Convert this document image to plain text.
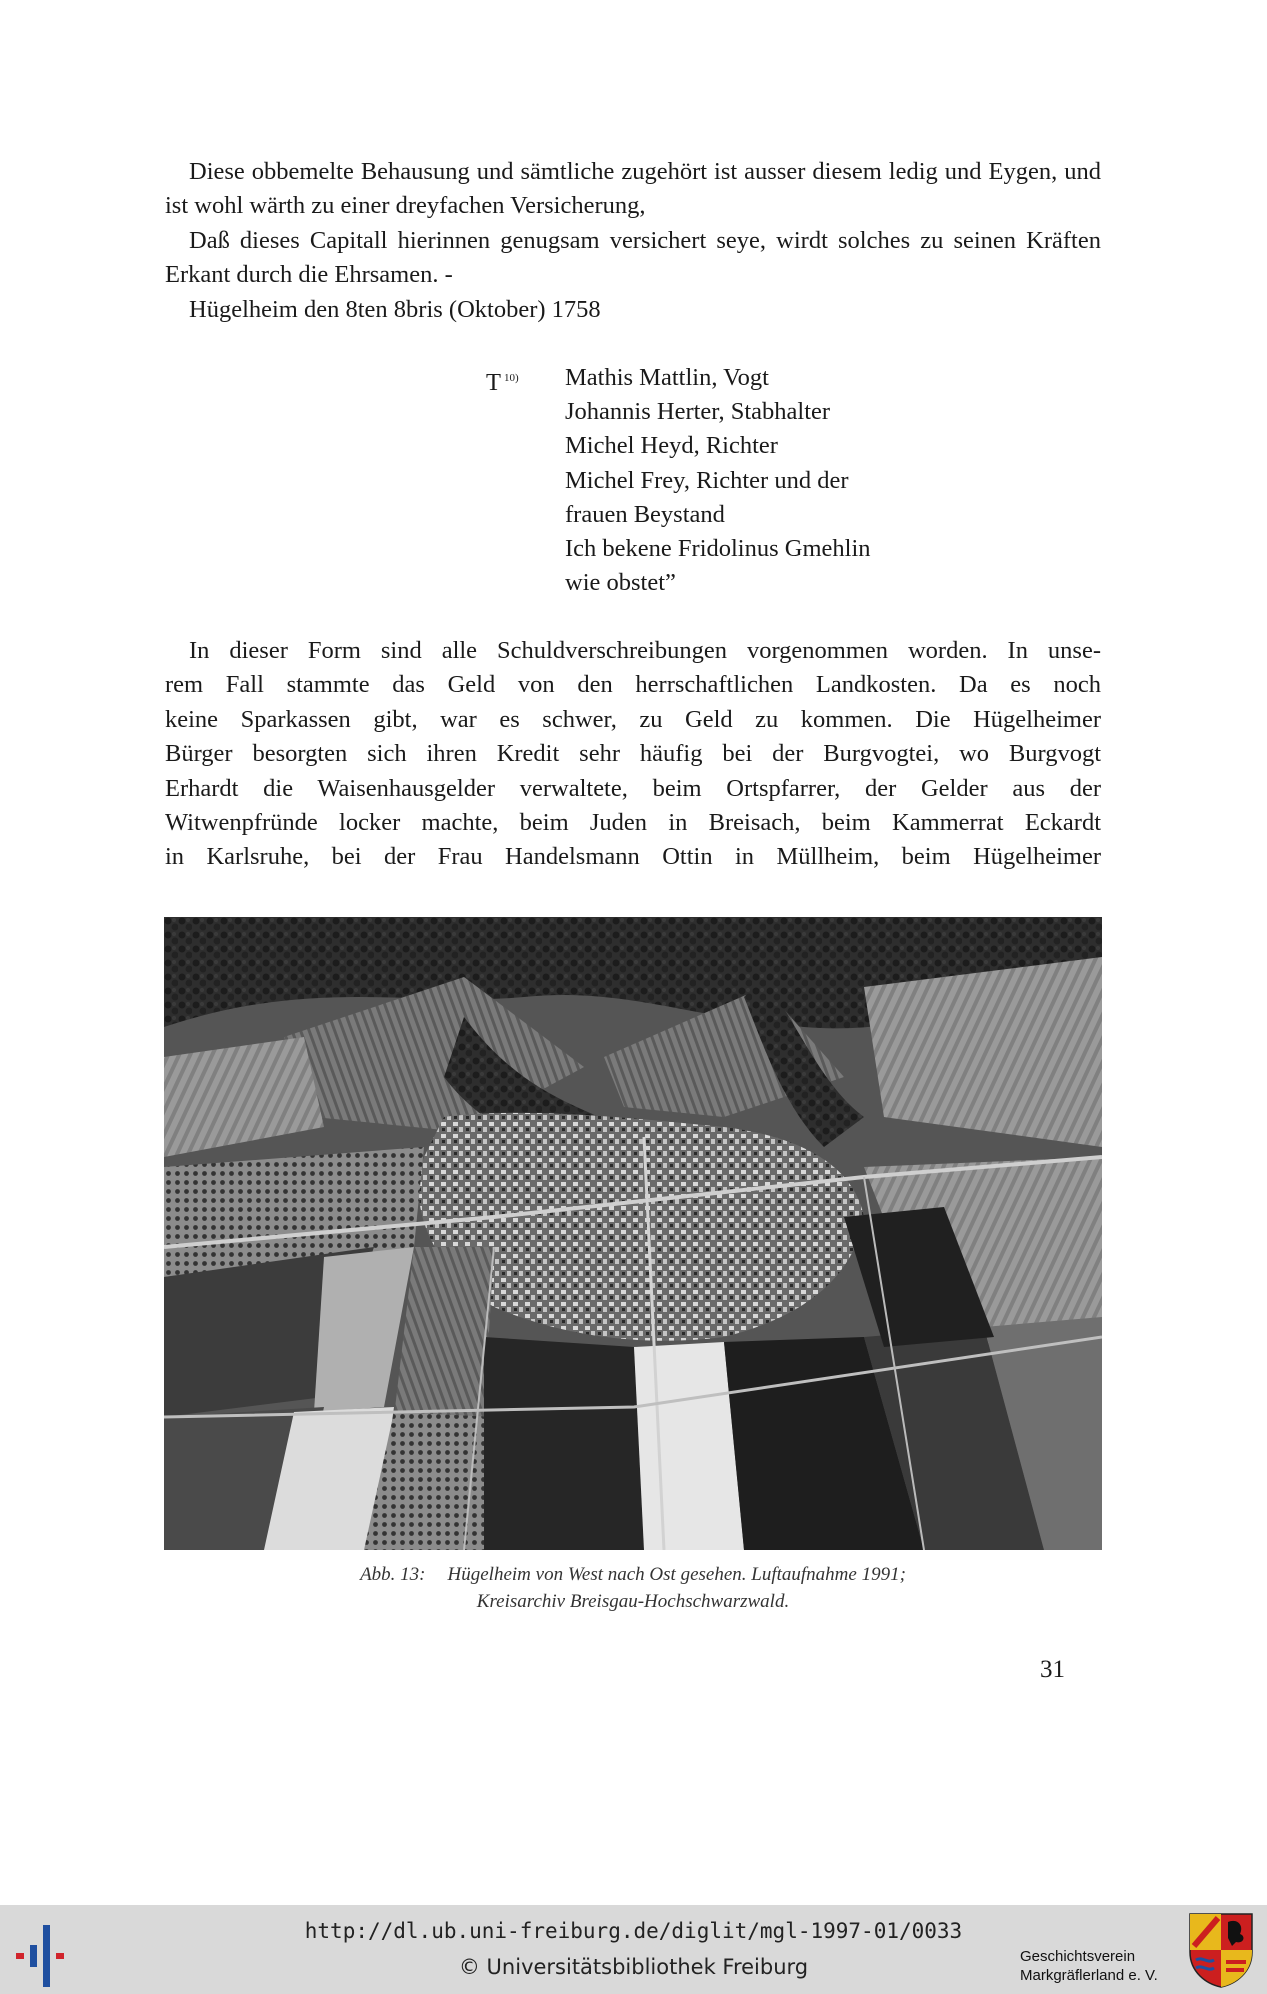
Diese obbemelte Behausung und sämtliche zugehört ist ausser diesem ledig und Eygen, und ist wohl wärth zu einer dreyfachen Versicherung,

Daß dieses Capitall hierinnen genugsam versichert seye, wirdt solches zu seinen Kräften Erkant durch die Ehrsamen. -

Hügelheim den 8ten 8bris (Oktober) 1758

T $^{10)}$ Mathis Mattlin, Vogt
Johannis Herter, Stabhalter
Michel Heyd, Richter
Michel Frey, Richter und der
frauen Beystand
Ich bekene Fridolinus Gmehlin
wie obstet”
In dieser Form sind alle Schuldverschreibungen vorgenommen worden. In unse-
rem Fall stammte das Geld von den herrschaftlichen Landkosten. Da es noch
keine Sparkassen gibt, war es schwer, zu Geld zu kommen. Die Hügelheimer
Bürger besorgten sich ihren Kredit sehr häufig bei der Burgvogtei, wo Burgvogt
Erhardt die Waisenhausgelder verwaltete, beim Ortspfarrer, der Gelder aus der
Witwenpfründe locker machte, beim Juden in Breisach, beim Kammerrat Eckardt
in Karlsruhe, bei der Frau Handelsmann Ottin in Müllheim, beim Hügelheimer
Abb. 13: Hügelheim von West nach Ost gesehen. Luftaufnahme 1991;
Kreisarchiv Breisgau-Hochschwarzwald.
31
http://dl.ub.uni-freiburg.de/diglit/mgl-1997-01/0033
© Universitätsbibliothek Freiburg	Geschichtsverein
Markgräflerland e. V.
